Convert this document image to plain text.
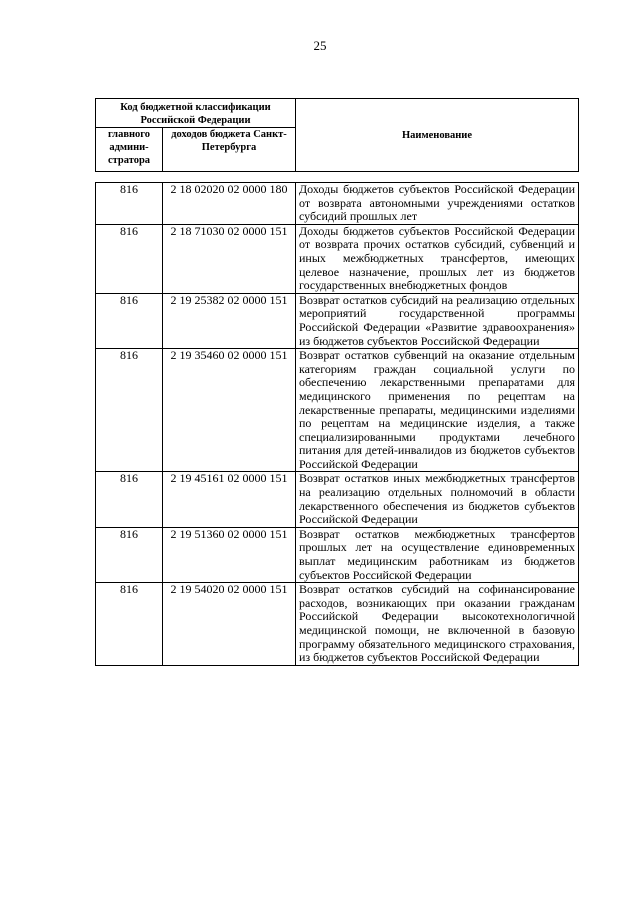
25
Код бюджетной классификации Российской Федерации		Наименование
главного админи-стратора	доходов бюджета Санкт-Петербурга	
816	2 18 02020 02 0000 180	Доходы бюджетов субъектов Российской Федерации от возврата автономными учреждениями остатков субсидий прошлых лет
816	2 18 71030 02 0000 151	Доходы бюджетов субъектов Российской Федерации от возврата прочих остатков субсидий, субвенций и иных межбюджетных трансфертов, имеющих целевое назначение, прошлых лет из бюджетов государственных внебюджетных фондов
816	2 19 25382 02 0000 151	Возврат остатков субсидий на реализацию отдельных мероприятий государственной программы Российской Федерации «Развитие здравоохранения» из бюджетов субъектов Российской Федерации
816	2 19 35460 02 0000 151	Возврат остатков субвенций на оказание отдельным категориям граждан социальной услуги по обеспечению лекарственными препаратами для медицинского применения по рецептам на лекарственные препараты, медицинскими изделиями по рецептам на медицинские изделия, а также специализированными продуктами лечебного питания для детей-инвалидов из бюджетов субъектов Российской Федерации
816	2 19 45161 02 0000 151	Возврат остатков иных межбюджетных трансфертов на реализацию отдельных полномочий в области лекарственного обеспечения из бюджетов субъектов Российской Федерации
816	2 19 51360 02 0000 151	Возврат остатков межбюджетных трансфертов прошлых лет на осуществление единовременных выплат медицинским работникам из бюджетов субъектов Российской Федерации
816	2 19 54020 02 0000 151	Возврат остатков субсидий на софинансирование расходов, возникающих при оказании гражданам Российской Федерации высокотехнологичной медицинской помощи, не включенной в базовую программу обязательного медицинского страхования, из бюджетов субъектов Российской Федерации
